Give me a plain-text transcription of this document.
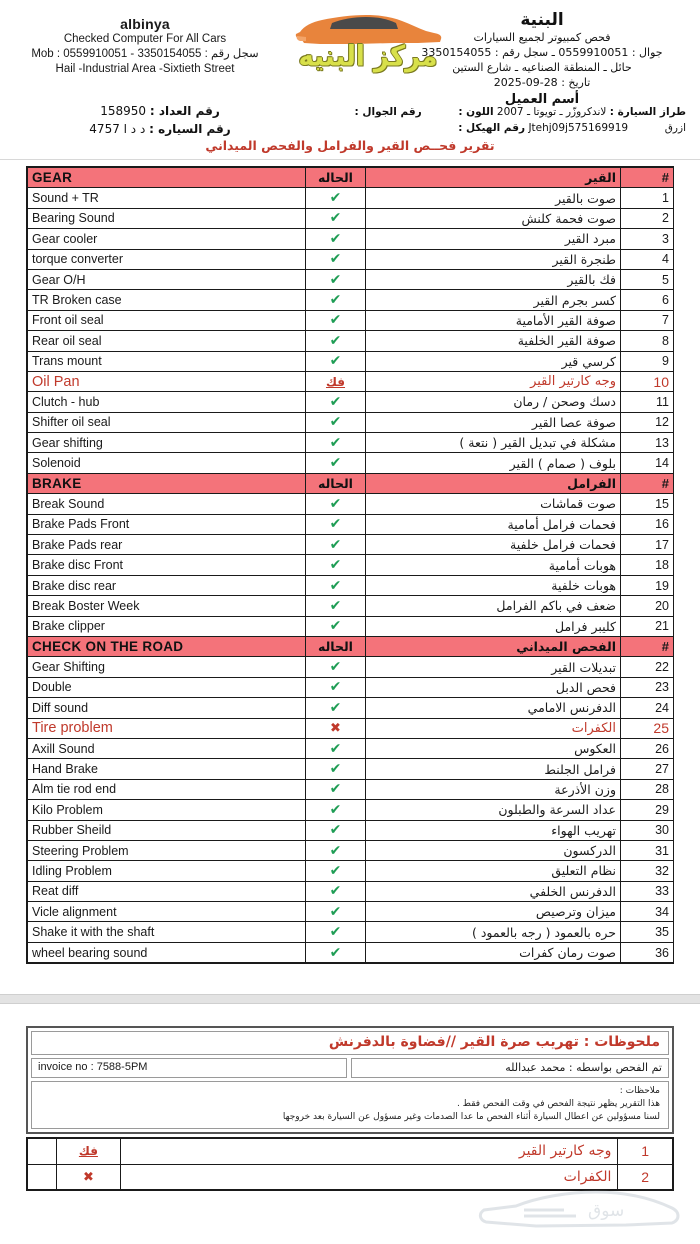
albinya
Checked Computer For All Cars
Mob : 0559910051 - 3350154055 : سجل رقم
Hail -Industrial Area -Sixtieth Street	مركز البنيه
البنية
فحص كمبيوتر لجميع السيارات
جوال : 0559910051 ـ سجل رقم : 3350154055
حائل ـ المنطقة الصناعيه ـ شارع الستين
تاريخ : 28-09-2025
أسم العميل
طراز السيارة : لاندكروزّر ـ تويوتا ـ 2007 اللون :  رقم الجوال :
ازرق  Jtehj09j575169919 رقم الهيكل :
رقم العداد : 158950
رقم السياره : د د ا 4757
تقرير فحــص القير والفرامل والفحص الميداني
GEAR	الحاله	القير	#
Sound + TR	✔	صوت بالقير	1
Bearing Sound	✔	صوت فحمة كلنش	2
Gear cooler	✔	مبرد القير	3
torque converter	✔	طنجرة القير	4
Gear O/H	✔	فك بالقير	5
TR Broken case	✔	كسر بجرم القير	6
Front oil seal	✔	صوفة القير الأمامية	7
Rear oil seal	✔	صوفة القير الخلفية	8
Trans mount	✔	كرسي قير	9
Oil Pan	فك	وجه كارتير القير	10
Clutch - hub	✔	دسك وصحن / رمان	11
Shifter oil seal	✔	صوفة عصا القير	12
Gear shifting	✔	مشكلة في تبديل القير ( نتعة )	13
Solenoid	✔	بلوف ( صمام ) القير	14
BRAKE	الحاله	الفرامل	#
Break Sound	✔	صوت قماشات	15
Brake Pads Front	✔	فحمات فرامل أمامية	16
Brake Pads rear	✔	فحمات فرامل خلفية	17
Brake disc Front	✔	هوبات أمامية	18
Brake disc rear	✔	هوبات خلفية	19
Break Boster Week	✔	ضعف في باكم الفرامل	20
Brake clipper	✔	كليبر فرامل	21
CHECK ON THE ROAD	الحاله	الفحص الميداني	#
Gear Shifting	✔	تبديلات القير	22
Double	✔	فحص الدبل	23
Diff sound	✔	الدفرنس الامامي	24
Tire problem	✖	الكفرات	25
Axill Sound	✔	العكوس	26
Hand Brake	✔	فرامل الجلنط	27
Alm tie rod end	✔	وزن الأذرعة	28
Kilo Problem	✔	عداد السرعة والطبلون	29
Rubber Sheild	✔	تهريب الهواء	30
Steering Problem	✔	الدركسون	31
Idling Problem	✔	نظام التعليق	32
Reat diff	✔	الدفرنس الخلفي	33
Vicle alignment	✔	ميزان وترصيص	34
Shake it with the shaft	✔	حره بالعمود ( رجه بالعمود )	35
wheel bearing sound	✔	صوت رمان كفرات	36
ملحوظات : تهريب صرة القير //فضاوة بالدفرنش
invoice no : 7588-5PM	تم الفحص بواسطه : محمد عبدالله
ملاحظات :
هذا التقرير يظهر نتيجة الفحص في وقت الفحص فقط .
لسنا مسؤولين عن اعطال السيارة أثناء الفحص ما عدا الصدمات وغير مسؤول عن السيارة بعد خروجها
	فك	وجه كارتير القير	1
	✖	الكفرات	2
سوق
